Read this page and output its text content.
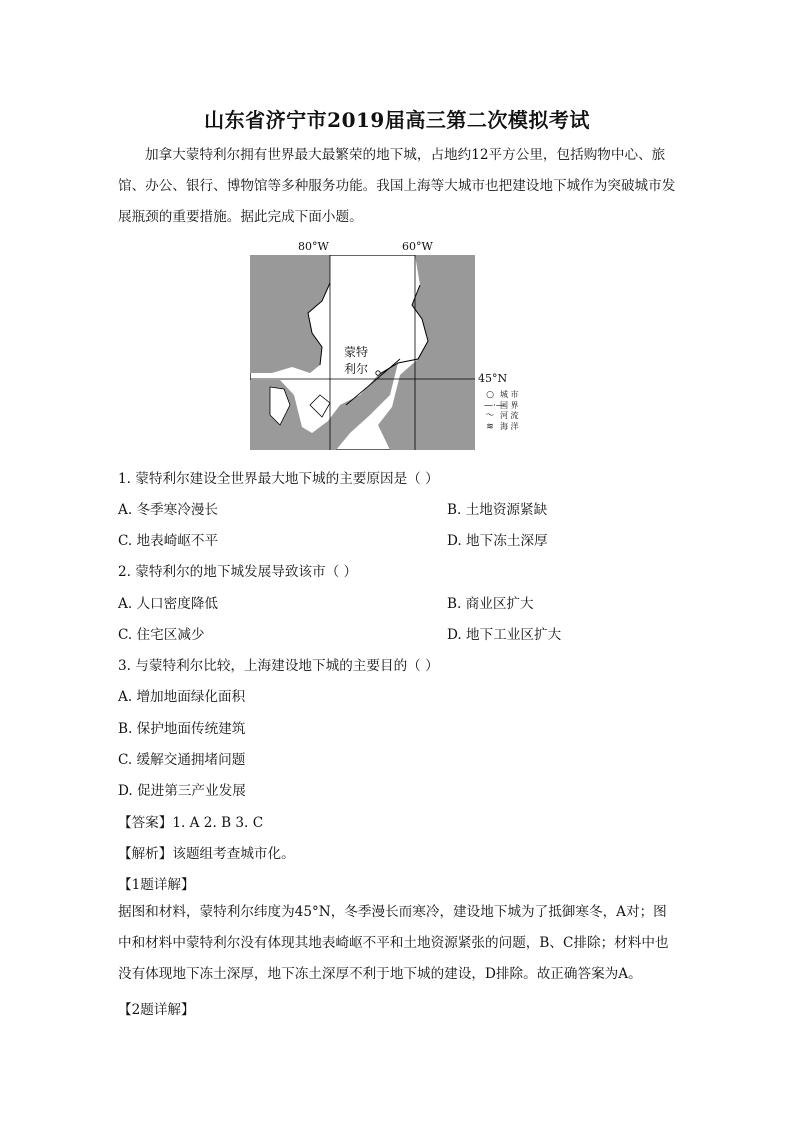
山东省济宁市2019届高三第二次模拟考试

加拿大蒙特利尔拥有世界最大最繁荣的地下城，占地约12平方公里，包括购物中心、旅馆、办公、银行、博物馆等多种服务功能。我国上海等大城市也把建设地下城作为突破城市发展瓶颈的重要措施。据此完成下面小题。

80°W	60°W
45°N
蒙特
利尔
○ 城 市
—·—
国 界
〜 河 流
≋ 海 洋
1. 蒙特利尔建设全世界最大地下城的主要原因是（ ）
A. 冬季寒冷漫长	B. 土地资源紧缺
C. 地表崎岖不平	D. 地下冻土深厚
2. 蒙特利尔的地下城发展导致该市（ ）
A. 人口密度降低	B. 商业区扩大
C. 住宅区减少	D. 地下工业区扩大
3. 与蒙特利尔比较，上海建设地下城的主要目的（ ）
A. 增加地面绿化面积
B. 保护地面传统建筑
C. 缓解交通拥堵问题
D. 促进第三产业发展
【答案】1. A 2. B 3. C
【解析】该题组考查城市化。
【1题详解】

据图和材料，蒙特利尔纬度为45°N，冬季漫长而寒冷，建设地下城为了抵御寒冬，A对；图中和材料中蒙特利尔没有体现其地表崎岖不平和土地资源紧张的问题，B、C排除；材料中也没有体现地下冻土深厚，地下冻土深厚不利于地下城的建设，D排除。故正确答案为A。

【2题详解】
